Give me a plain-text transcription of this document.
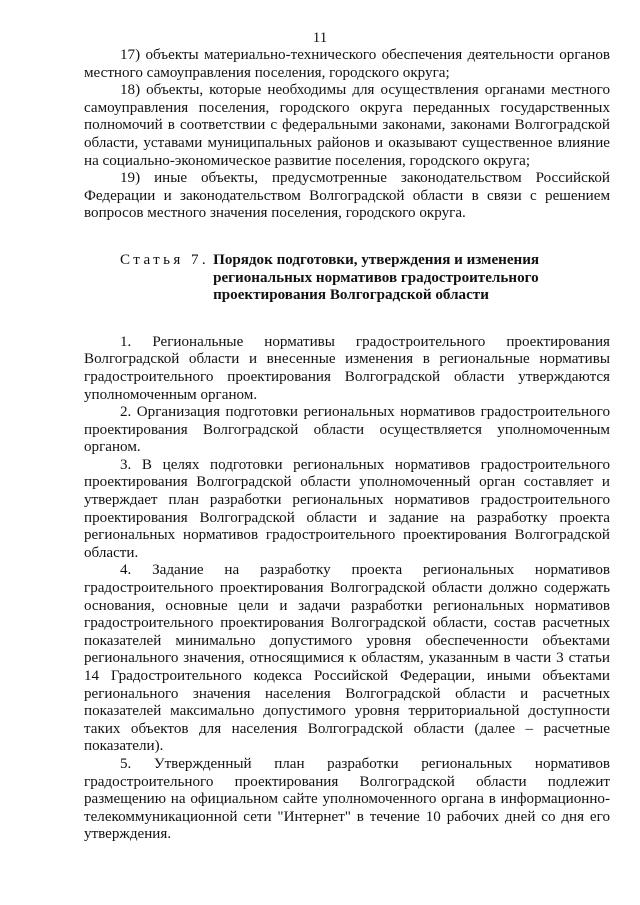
11

17) объекты материально-технического обеспечения деятельности органов местного самоуправления поселения, городского округа;

18) объекты, которые необходимы для осуществления органами местного самоуправления поселения, городского округа переданных государственных полномочий в соответствии с федеральными законами, законами Волгоградской области, уставами муниципальных районов и оказывают существенное влияние на социально-экономическое развитие поселения, городского округа;

19) иные объекты, предусмотренные законодательством Российской Федерации и законодательством Волгоградской области в связи с решением вопросов местного значения поселения, городского округа.

Статья 7. Порядок подготовки, утверждения и изменения
региональных нормативов градостроительного
проектирования Волгоградской области

1. Региональные нормативы градостроительного проектирования Волгоградской области и внесенные изменения в региональные нормативы градостроительного проектирования Волгоградской области утверждаются уполномоченным органом.

2. Организация подготовки региональных нормативов градостроительного проектирования Волгоградской области осуществляется уполномоченным органом.

3. В целях подготовки региональных нормативов градостроительного проектирования Волгоградской области уполномоченный орган составляет и утверждает план разработки региональных нормативов градостроительного проектирования Волгоградской области и задание на разработку проекта региональных нормативов градостроительного проектирования Волгоградской области.

4. Задание на разработку проекта региональных нормативов градостроительного проектирования Волгоградской области должно содержать основания, основные цели и задачи разработки региональных нормативов градостроительного проектирования Волгоградской области, состав расчетных показателей минимально допустимого уровня обеспеченности объектами регионального значения, относящимися к областям, указанным в части 3 статьи 14 Градостроительного кодекса Российской Федерации, иными объектами регионального значения населения Волгоградской области и расчетных показателей максимально допустимого уровня территориальной доступности таких объектов для населения Волгоградской области (далее – расчетные показатели).

5. Утвержденный план разработки региональных нормативов градостроительного проектирования Волгоградской области подлежит размещению на официальном сайте уполномоченного органа в информационно-телекоммуникационной сети "Интернет" в течение 10 рабочих дней со дня его утверждения.
